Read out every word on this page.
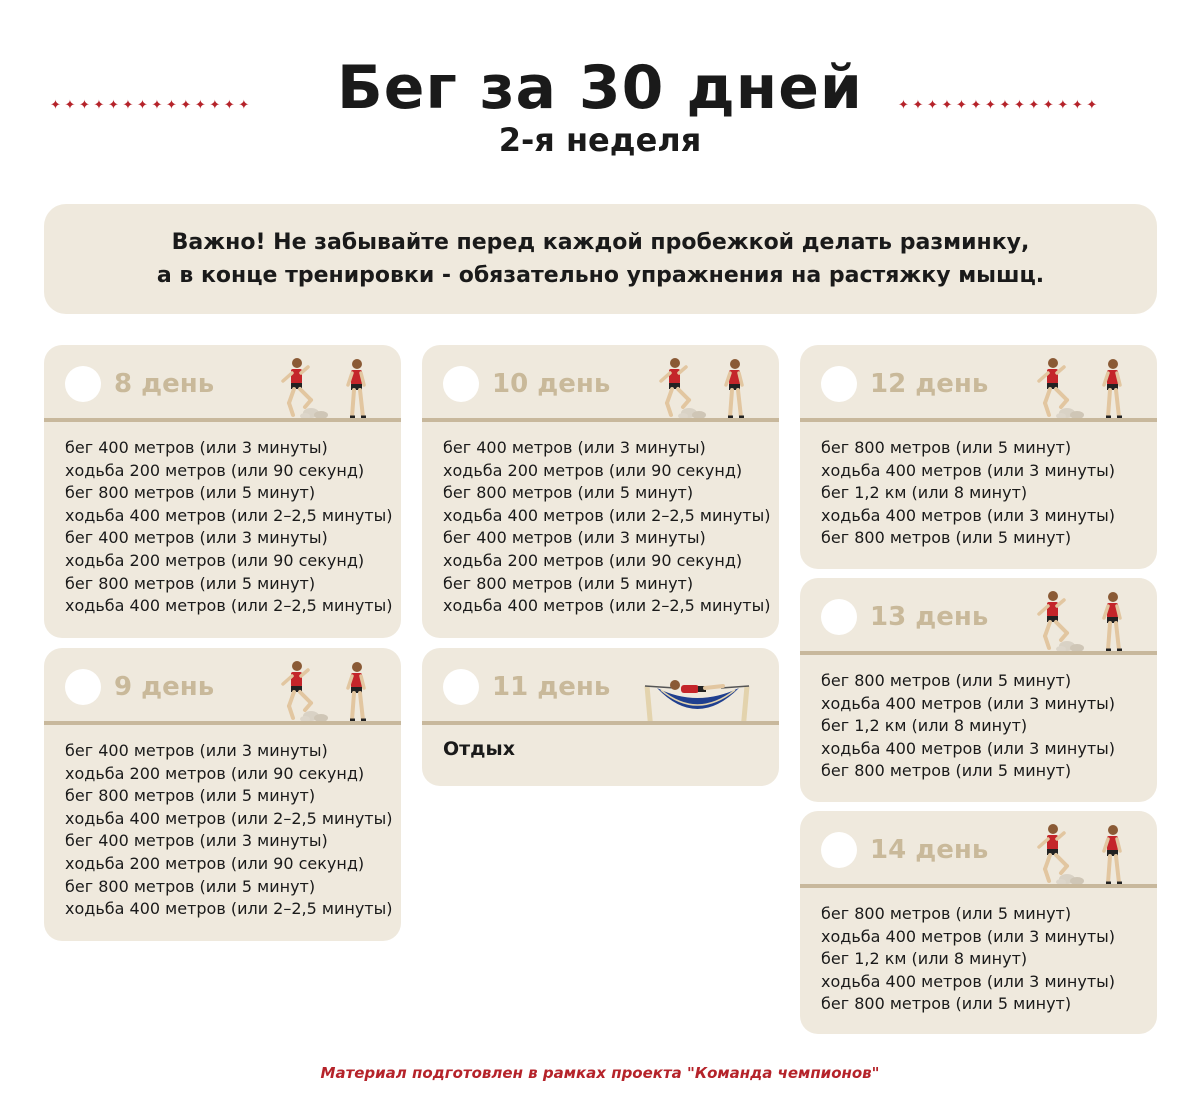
✦✦✦✦✦✦✦✦✦✦✦✦✦✦	Бег за 30 дней	✦✦✦✦✦✦✦✦✦✦✦✦✦✦
2-я неделя
Важно! Не забывайте перед каждой пробежкой делать разминку,
а в конце тренировки - обязательно упражнения на растяжку мышц.
8 день
бег 400 метров (или 3 минуты)
ходьба 200 метров (или 90 секунд)
бег 800 метров (или 5 минут)
ходьба 400 метров (или 2–2,5 минуты)
бег 400 метров (или 3 минуты)
ходьба 200 метров (или 90 секунд)
бег 800 метров (или 5 минут)
ходьба 400 метров (или 2–2,5 минуты)
9 день
бег 400 метров (или 3 минуты)
ходьба 200 метров (или 90 секунд)
бег 800 метров (или 5 минут)
ходьба 400 метров (или 2–2,5 минуты)
бег 400 метров (или 3 минуты)
ходьба 200 метров (или 90 секунд)
бег 800 метров (или 5 минут)
ходьба 400 метров (или 2–2,5 минуты)
10 день
бег 400 метров (или 3 минуты)
ходьба 200 метров (или 90 секунд)
бег 800 метров (или 5 минут)
ходьба 400 метров (или 2–2,5 минуты)
бег 400 метров (или 3 минуты)
ходьба 200 метров (или 90 секунд)
бег 800 метров (или 5 минут)
ходьба 400 метров (или 2–2,5 минуты)
11 день
Отдых
12 день
бег 800 метров (или 5 минут)
ходьба 400 метров (или 3 минуты)
бег 1,2 км (или 8 минут)
ходьба 400 метров (или 3 минуты)
бег 800 метров (или 5 минут)
13 день
бег 800 метров (или 5 минут)
ходьба 400 метров (или 3 минуты)
бег 1,2 км (или 8 минут)
ходьба 400 метров (или 3 минуты)
бег 800 метров (или 5 минут)
14 день
бег 800 метров (или 5 минут)
ходьба 400 метров (или 3 минуты)
бег 1,2 км (или 8 минут)
ходьба 400 метров (или 3 минуты)
бег 800 метров (или 5 минут)
Материал подготовлен в рамках проекта "Команда чемпионов"
